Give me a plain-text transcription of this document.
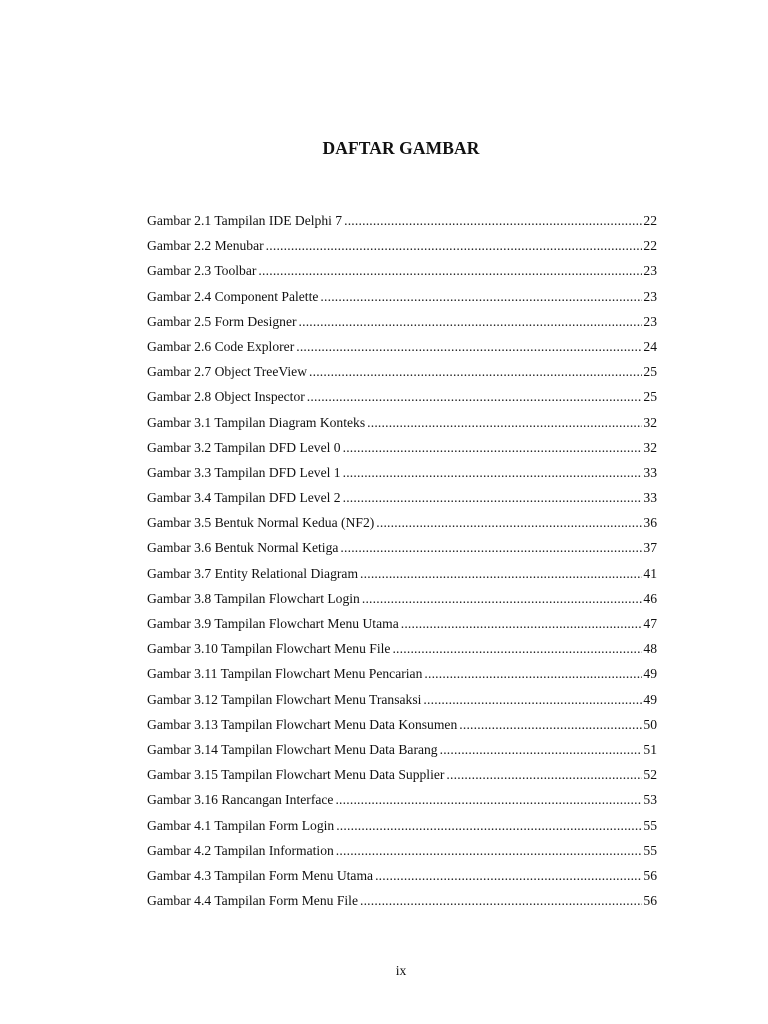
DAFTAR GAMBAR
Gambar 2.1 Tampilan IDE Delphi 7 .....	22
Gambar 2.2 Menubar .....	22
Gambar 2.3 Toolbar .....	23
Gambar 2.4 Component Palette .....	23
Gambar 2.5 Form Designer .....	23
Gambar 2.6 Code Explorer .....	24
Gambar 2.7 Object TreeView .....	25
Gambar 2.8 Object Inspector .....	25
Gambar 3.1 Tampilan Diagram Konteks .....	32
Gambar 3.2 Tampilan DFD Level 0 .....	32
Gambar 3.3 Tampilan DFD Level 1 .....	33
Gambar 3.4 Tampilan DFD Level 2 .....	33
Gambar 3.5 Bentuk Normal Kedua (NF2) .....	36
Gambar 3.6 Bentuk Normal Ketiga .....	37
Gambar 3.7 Entity Relational Diagram .....	41
Gambar 3.8 Tampilan Flowchart Login .....	46
Gambar 3.9 Tampilan Flowchart Menu Utama .....	47
Gambar 3.10 Tampilan Flowchart Menu File .....	48
Gambar 3.11 Tampilan Flowchart Menu Pencarian .....	49
Gambar 3.12 Tampilan Flowchart Menu Transaksi .....	49
Gambar 3.13 Tampilan Flowchart Menu Data Konsumen .....	50
Gambar 3.14 Tampilan Flowchart Menu Data Barang .....	51
Gambar 3.15 Tampilan Flowchart Menu Data Supplier .....	52
Gambar 3.16 Rancangan Interface .....	53
Gambar 4.1 Tampilan Form Login .....	55
Gambar 4.2 Tampilan Information .....	55
Gambar 4.3 Tampilan Form Menu Utama .....	56
Gambar 4.4 Tampilan Form Menu File .....	56
ix
